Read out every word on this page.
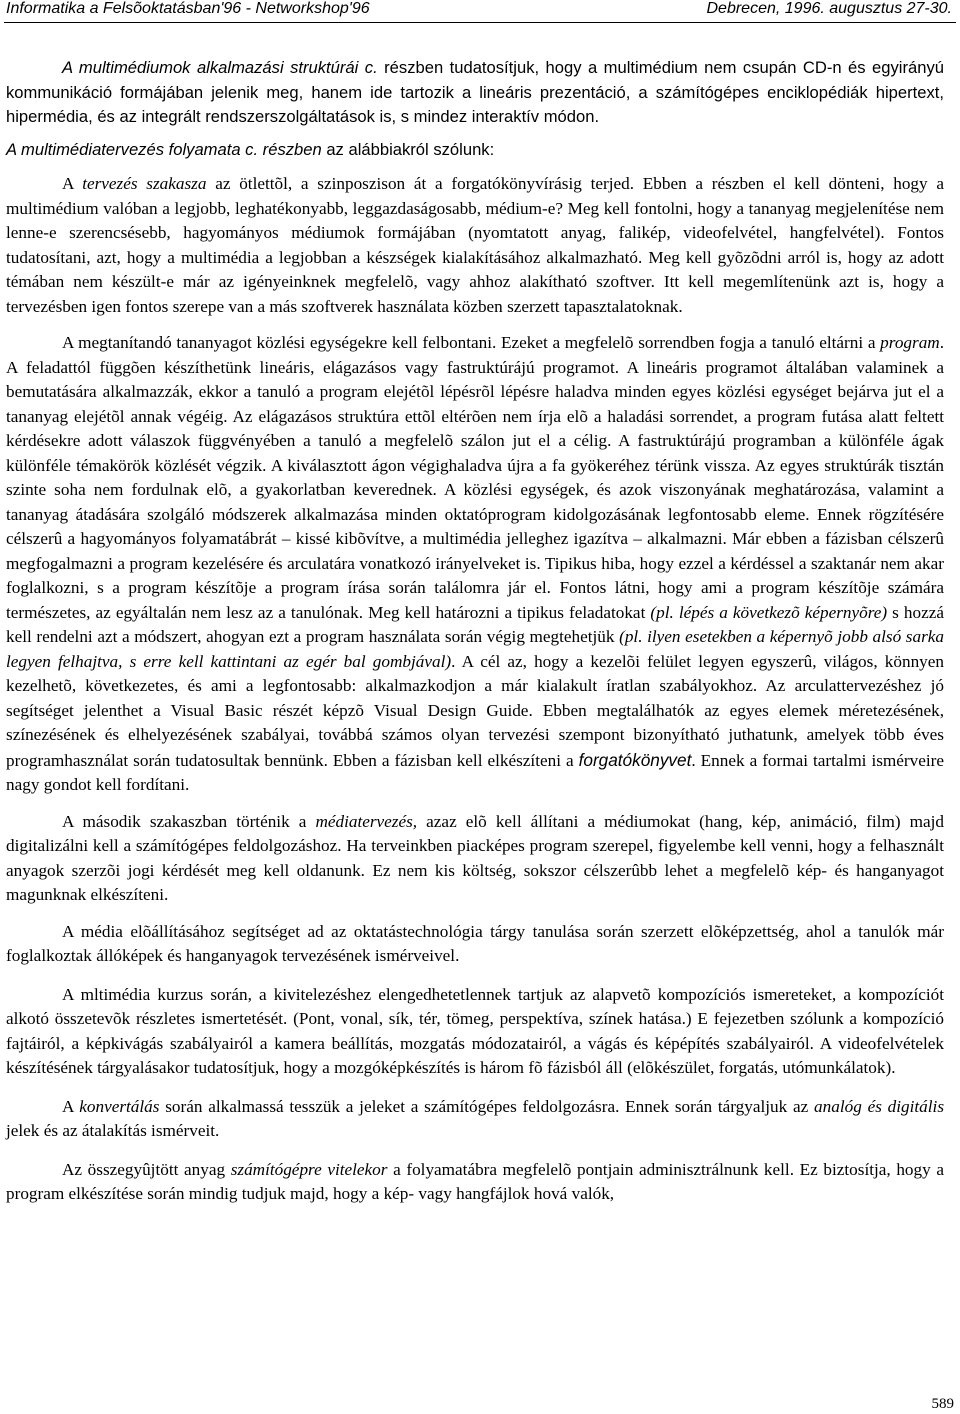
Informatika a Felsõoktatásban'96 - Networkshop'96	Debrecen, 1996. augusztus 27-30.

A multimédiumok alkalmazási struktúrái c. részben tudatosítjuk, hogy a multimédium nem csupán CD-n és egyirányú kommunikáció formájában jelenik meg, hanem ide tartozik a lineáris prezentáció, a számítógépes enciklopédiák hipertext, hipermédia, és az integrált rendszerszolgáltatások is, s mindez interaktív módon.

A multimédiatervezés folyamata c. részben az alábbiakról szólunk:

A tervezés szakasza az ötlettõl, a szinposzison át a forgatókönyvírásig terjed. Ebben a részben el kell dönteni, hogy a multimédium valóban a legjobb, leghatékonyabb, leggazdaságosabb, médium-e? Meg kell fontolni, hogy a tananyag megjelenítése nem lenne-e szerencsésebb, hagyományos médiumok formájában (nyomtatott anyag, falikép, videofelvétel, hangfelvétel). Fontos tudatosítani, azt, hogy a multimédia a legjobban a készségek kialakításához alkalmazható. Meg kell gyõzõdni arról is, hogy az adott témában nem készült-e már az igényeinknek megfelelõ, vagy ahhoz alakítható szoftver. Itt kell megemlítenünk azt is, hogy a tervezésben igen fontos szerepe van a más szoftverek használata közben szerzett tapasztalatoknak.

A megtanítandó tananyagot közlési egységekre kell felbontani. Ezeket a megfelelõ sorrendben fogja a tanuló eltárni a program. A feladattól függõen készíthetünk lineáris, elágazásos vagy fastruktúrájú programot. A lineáris programot általában valaminek a bemutatására alkalmazzák, ekkor a tanuló a program elejétõl lépésrõl lépésre haladva minden egyes közlési egységet bejárva jut el a tananyag elejétõl annak végéig. Az elágazásos struktúra ettõl eltérõen nem írja elõ a haladási sorrendet, a program futása alatt feltett kérdésekre adott válaszok függvényében a tanuló a megfelelõ szálon jut el a célig. A fastruktúrájú programban a különféle ágak különféle témakörök közlését végzik. A kiválasztott ágon végighaladva újra a fa gyökeréhez térünk vissza. Az egyes struktúrák tisztán szinte soha nem fordulnak elõ, a gyakorlatban keverednek. A közlési egységek, és azok viszonyának meghatározása, valamint a tananyag átadására szolgáló módszerek alkalmazása minden oktatóprogram kidolgozásának legfontosabb eleme. Ennek rögzítésére célszerû a hagyományos folyamatábrát – kissé kibõvítve, a multimédia jelleghez igazítva – alkalmazni. Már ebben a fázisban célszerû megfogalmazni a program kezelésére és arculatára vonatkozó irányelveket is. Tipikus hiba, hogy ezzel a kérdéssel a szaktanár nem akar foglalkozni, s a program készítõje a program írása során találomra jár el. Fontos látni, hogy ami a program készítõje számára természetes, az egyáltalán nem lesz az a tanulónak. Meg kell határozni a tipikus feladatokat (pl. lépés a következõ képernyõre) s hozzá kell rendelni azt a módszert, ahogyan ezt a program használata során végig megtehetjük (pl. ilyen esetekben a képernyõ jobb alsó sarka legyen felhajtva, s erre kell kattintani az egér bal gombjával). A cél az, hogy a kezelõi felület legyen egyszerû, világos, könnyen kezelhetõ, következetes, és ami a legfontosabb: alkalmazkodjon a már kialakult íratlan szabályokhoz. Az arculattervezéshez jó segítséget jelenthet a Visual Basic részét képzõ Visual Design Guide. Ebben megtalálhatók az egyes elemek méretezésének, színezésének és elhelyezésének szabályai, továbbá számos olyan tervezési szempont bizonyítható juthatunk, amelyek több éves programhasználat során tudatosultak bennünk. Ebben a fázisban kell elkészíteni a forgatókönyvet. Ennek a formai tartalmi ismérveire nagy gondot kell fordítani.

A második szakaszban történik a médiatervezés, azaz elõ kell állítani a médiumokat (hang, kép, animáció, film) majd digitalizálni kell a számítógépes feldolgozáshoz. Ha terveinkben piacképes program szerepel, figyelembe kell venni, hogy a felhasznált anyagok szerzõi jogi kérdését meg kell oldanunk. Ez nem kis költség, sokszor célszerûbb lehet a megfelelõ kép- és hanganyagot magunknak elkészíteni.

A média elõállításához segítséget ad az oktatástechnológia tárgy tanulása során szerzett elõképzettség, ahol a tanulók már foglalkoztak állóképek és hanganyagok tervezésének ismérveivel.

A mltimédia kurzus során, a kivitelezéshez elengedhetetlennek tartjuk az alapvetõ kompozíciós ismereteket, a kompozíciót alkotó összetevõk részletes ismertetését. (Pont, vonal, sík, tér, tömeg, perspektíva, színek hatása.) E fejezetben szólunk a kompozíció fajtáiról, a képkivágás szabályairól a kamera beállítás, mozgatás módozatairól, a vágás és képépítés szabályairól. A videofelvételek készítésének tárgyalásakor tudatosítjuk, hogy a mozgóképkészítés is három fõ fázisból áll (elõkészület, forgatás, utómunkálatok).

A konvertálás során alkalmassá tesszük a jeleket a számítógépes feldolgozásra. Ennek során tárgyaljuk az analóg és digitális jelek és az átalakítás ismérveit.

Az összegyûjtött anyag számítógépre vitelekor a folyamatábra megfelelõ pontjain adminisztrálnunk kell. Ez biztosítja, hogy a program elkészítése során mindig tudjuk majd, hogy a kép- vagy hangfájlok hová valók,

589
